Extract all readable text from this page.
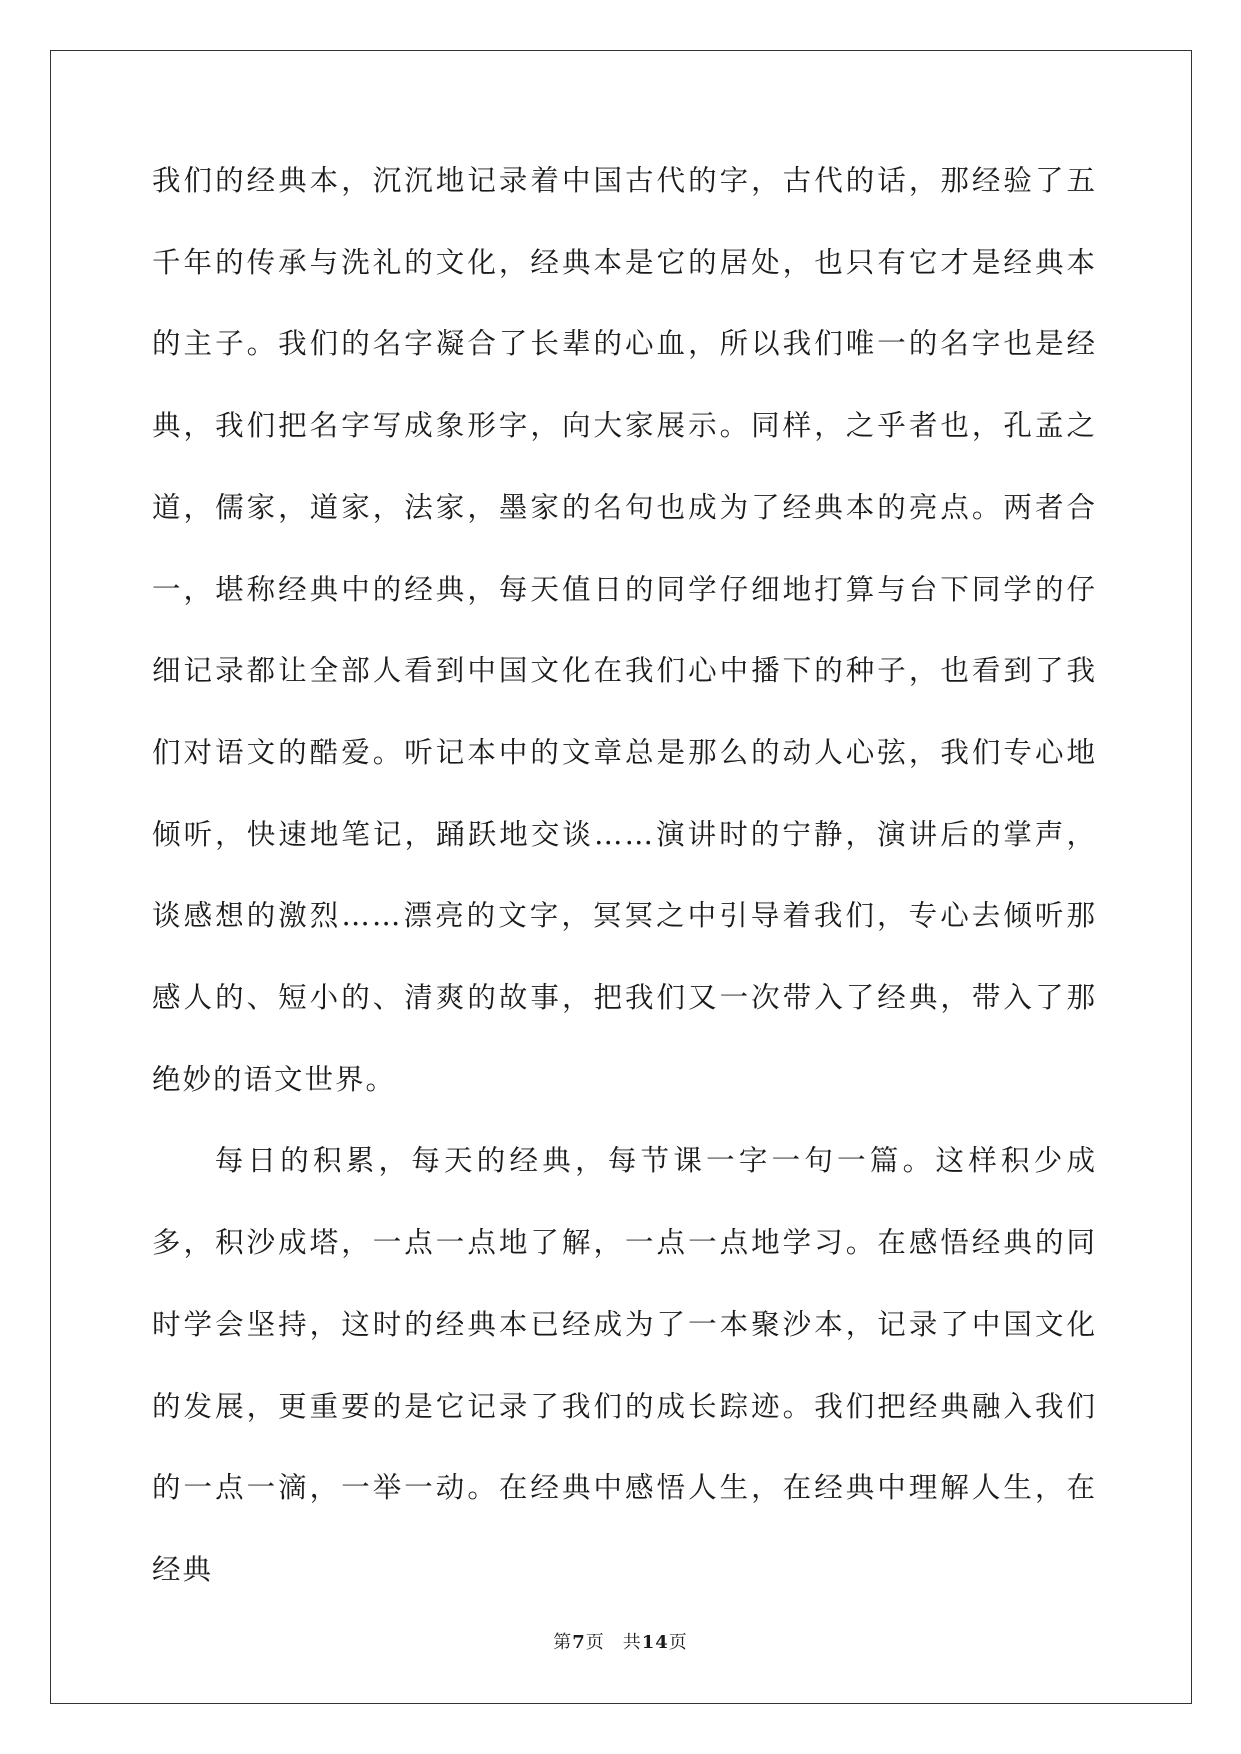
我们的经典本，沉沉地记录着中国古代的字，古代的话，那经验了五千年的传承与洗礼的文化，经典本是它的居处，也只有它才是经典本的主子。我们的名字凝合了长辈的心血，所以我们唯一的名字也是经典，我们把名字写成象形字，向大家展示。同样，之乎者也，孔孟之道，儒家，道家，法家，墨家的名句也成为了经典本的亮点。两者合一，堪称经典中的经典，每天值日的同学仔细地打算与台下同学的仔细记录都让全部人看到中国文化在我们心中播下的种子，也看到了我们对语文的酷爱。听记本中的文章总是那么的动人心弦，我们专心地倾听，快速地笔记，踊跃地交谈……演讲时的宁静，演讲后的掌声，谈感想的激烈……漂亮的文字，冥冥之中引导着我们，专心去倾听那感人的、短小的、清爽的故事，把我们又一次带入了经典，带入了那绝妙的语文世界。

每日的积累，每天的经典，每节课一字一句一篇。这样积少成多，积沙成塔，一点一点地了解，一点一点地学习。在感悟经典的同时学会坚持，这时的经典本已经成为了一本聚沙本，记录了中国文化的发展，更重要的是它记录了我们的成长踪迹。我们把经典融入我们的一点一滴，一举一动。在经典中感悟人生，在经典中理解人生，在经典

第7页 共14页
